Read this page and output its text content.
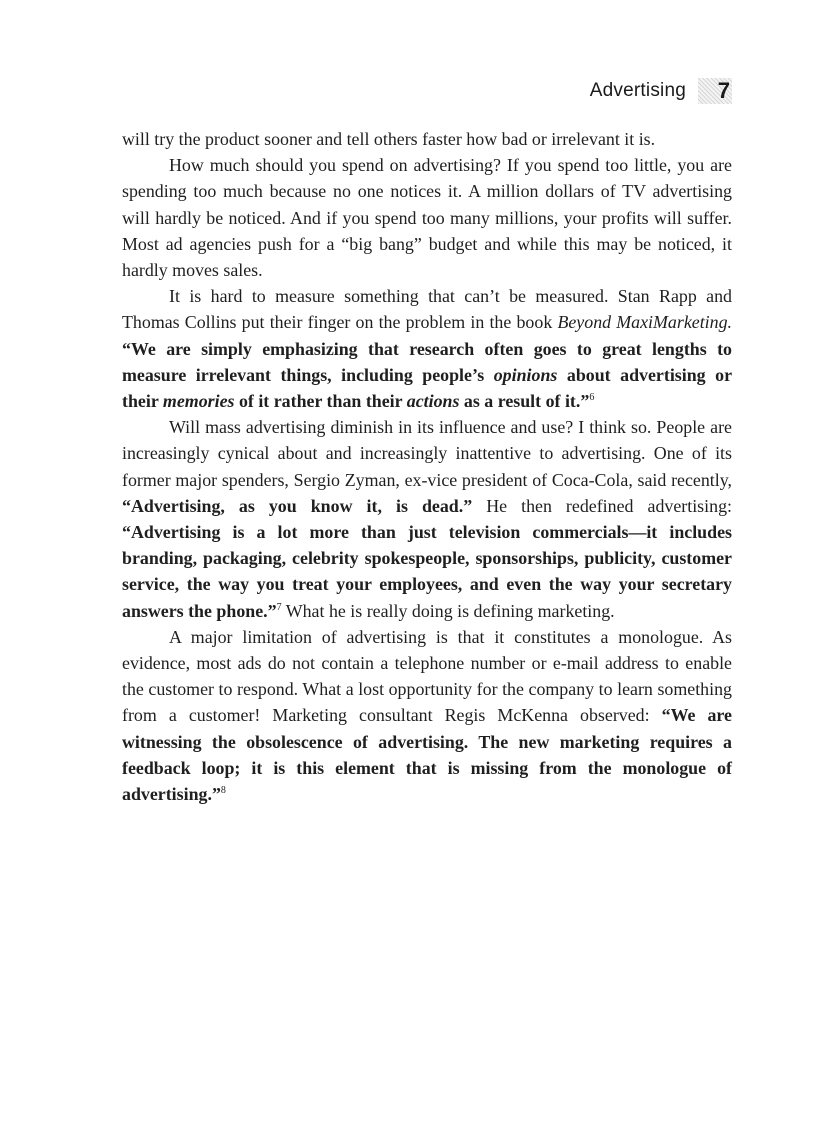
Advertising	7

will try the product sooner and tell others faster how bad or irrelevant it is.

How much should you spend on advertising? If you spend too little, you are spending too much because no one notices it. A million dollars of TV advertising will hardly be noticed. And if you spend too many millions, your profits will suffer. Most ad agencies push for a “big bang” budget and while this may be noticed, it hardly moves sales.

It is hard to measure something that can’t be measured. Stan Rapp and Thomas Collins put their finger on the problem in the book Beyond MaxiMarketing. “We are simply emphasizing that research often goes to great lengths to measure irrelevant things, including people’s opinions about advertising or their memories of it rather than their actions as a result of it.”$^6$

Will mass advertising diminish in its influence and use? I think so. People are increasingly cynical about and increasingly inattentive to advertising. One of its former major spenders, Sergio Zyman, ex-vice president of Coca-Cola, said recently, “Advertising, as you know it, is dead.” He then redefined advertising: “Advertising is a lot more than just television commercials—it includes branding, packaging, celebrity spokespeople, sponsorships, publicity, customer service, the way you treat your employees, and even the way your secretary answers the phone.”$^7$ What he is really doing is defining marketing.

A major limitation of advertising is that it constitutes a monologue. As evidence, most ads do not contain a telephone number or e-mail address to enable the customer to respond. What a lost opportunity for the company to learn something from a customer! Marketing consultant Regis McKenna observed: “We are witnessing the obsolescence of advertising. The new marketing requires a feedback loop; it is this element that is missing from the monologue of advertising.”$^8$
